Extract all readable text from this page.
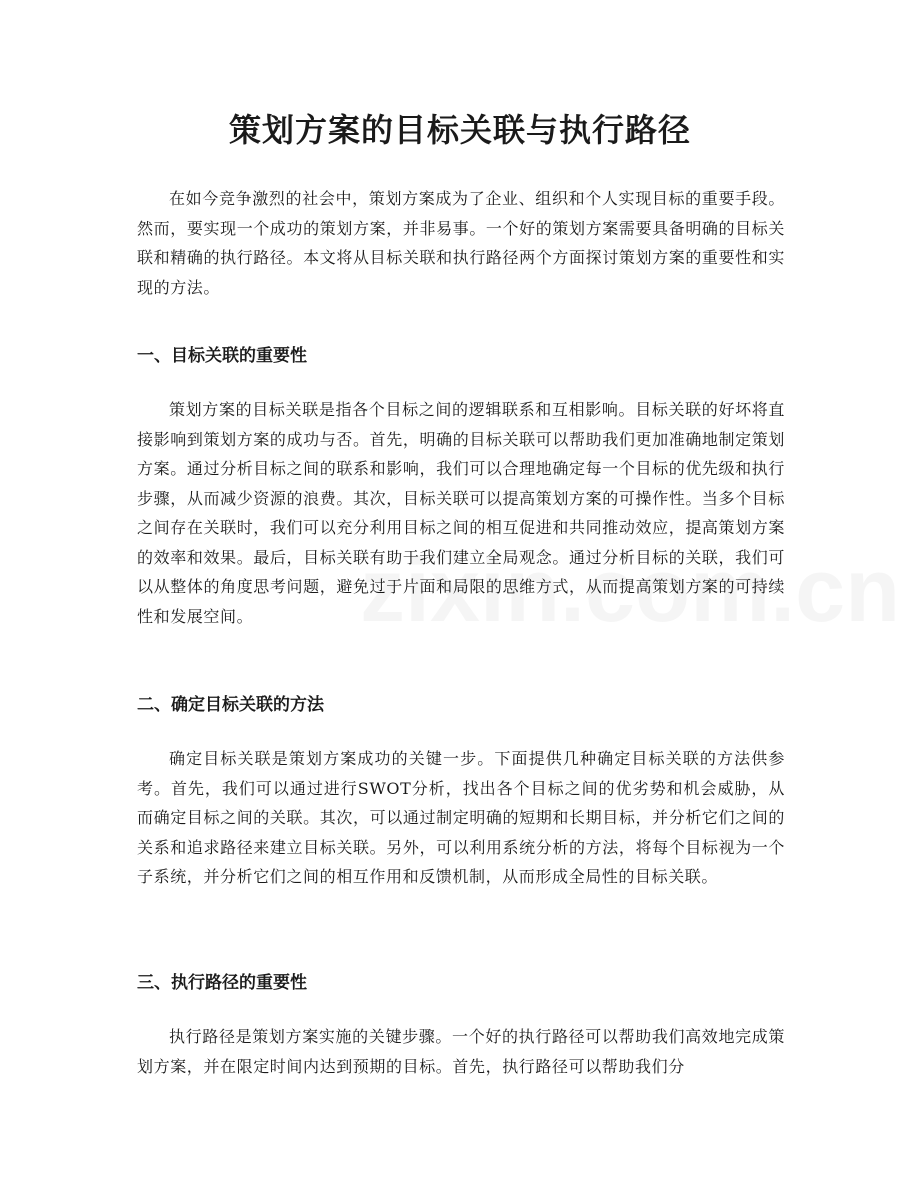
策划方案的目标关联与执行路径

在如今竞争激烈的社会中，策划方案成为了企业、组织和个人实现目标的重要手段。然而，要实现一个成功的策划方案，并非易事。一个好的策划方案需要具备明确的目标关联和精确的执行路径。本文将从目标关联和执行路径两个方面探讨策划方案的重要性和实现的方法。

一、目标关联的重要性

策划方案的目标关联是指各个目标之间的逻辑联系和互相影响。目标关联的好坏将直接影响到策划方案的成功与否。首先，明确的目标关联可以帮助我们更加准确地制定策划方案。通过分析目标之间的联系和影响，我们可以合理地确定每一个目标的优先级和执行步骤，从而减少资源的浪费。其次，目标关联可以提高策划方案的可操作性。当多个目标之间存在关联时，我们可以充分利用目标之间的相互促进和共同推动效应，提高策划方案的效率和效果。最后，目标关联有助于我们建立全局观念。通过分析目标的关联，我们可以从整体的角度思考问题，避免过于片面和局限的思维方式，从而提高策划方案的可持续性和发展空间。

二、确定目标关联的方法

确定目标关联是策划方案成功的关键一步。下面提供几种确定目标关联的方法供参考。首先，我们可以通过进行SWOT分析，找出各个目标之间的优劣势和机会威胁，从而确定目标之间的关联。其次，可以通过制定明确的短期和长期目标，并分析它们之间的关系和追求路径来建立目标关联。另外，可以利用系统分析的方法，将每个目标视为一个子系统，并分析它们之间的相互作用和反馈机制，从而形成全局性的目标关联。

三、执行路径的重要性

执行路径是策划方案实施的关键步骤。一个好的执行路径可以帮助我们高效地完成策划方案，并在限定时间内达到预期的目标。首先，执行路径可以帮助我们分
